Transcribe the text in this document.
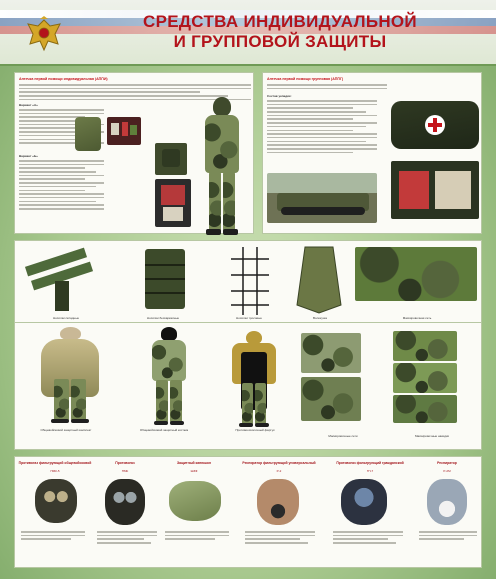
СРЕДСТВА ИНДИВИДУАЛЬНОЙ
И ГРУППОВОЙ ЗАЩИТЫ
Аптечка первой помощи индивидуальная (АППИ)
Вариант «А»
Вариант «Б»
Аптечка первой помощи групповая (АППГ)
Состав укладки:
Носилки складные	Носилки бескаркасные	Носилки тросовые	Волокуша	Маскировочная сеть
Общевойсковой защитный комплект	Общевойсковой защитный костюм	Противоосколочный фартук
Маскировочные сети	Маскировочные накидки
Противогаз фильтрующий общевойсковой	Противогаз	Защитный капюшон	Респиратор фильтрующий универсальный	Противогаз фильтрующий гражданский	Респиратор
ПМК-5	ПМК	ШЗФ	Р-2	ГП-7	Р-2М
